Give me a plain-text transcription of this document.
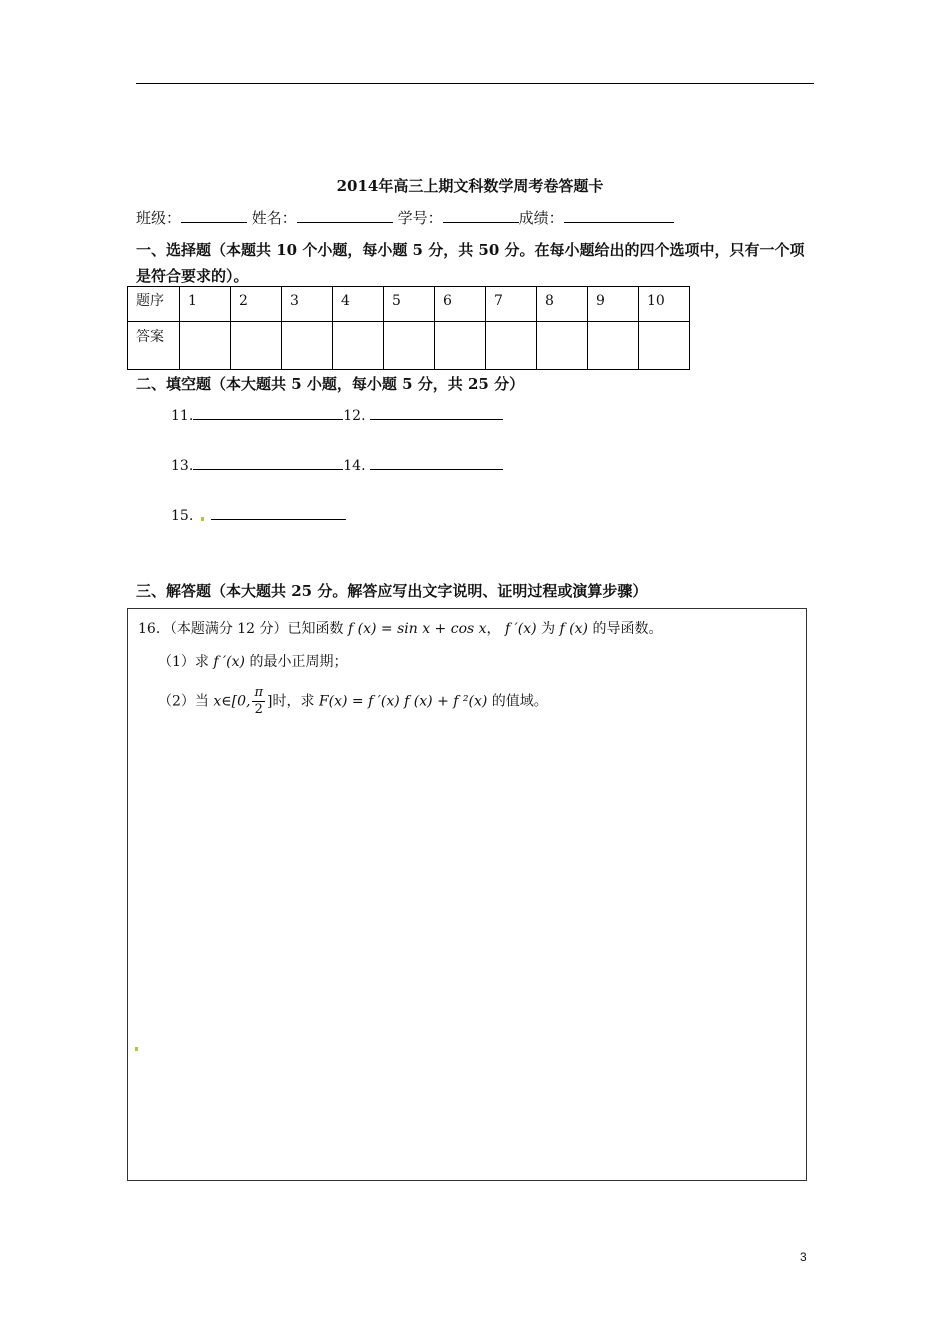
2014年高三上期文科数学周考卷答题卡
班级：	姓名：	学号：	成绩：
一、选择题（本题共 10 个小题，每小题 5 分，共 50 分。在每小题给出的四个选项中，只有一个项
是符合要求的）。
题序	1	2	3	4	5	6	7	8	9	10
答案										
二、填空题（本大题共 5 小题，每小题 5 分，共 25 分）
11.	12.
13.	14.
15.
三、解答题（本大题共 25 分。解答应写出文字说明、证明过程或演算步骤）
16．（本题满分 12 分）已知函数 f (x) = sin x + cos x， f ′(x) 为 f (x) 的导函数。
（1）求 f ′(x) 的最小正周期；
（2）当 x∈[0, $\frac{\pi}{2}$ ]时，求 F(x) = f ′(x) f (x) + f ²(x) 的值域。
3
